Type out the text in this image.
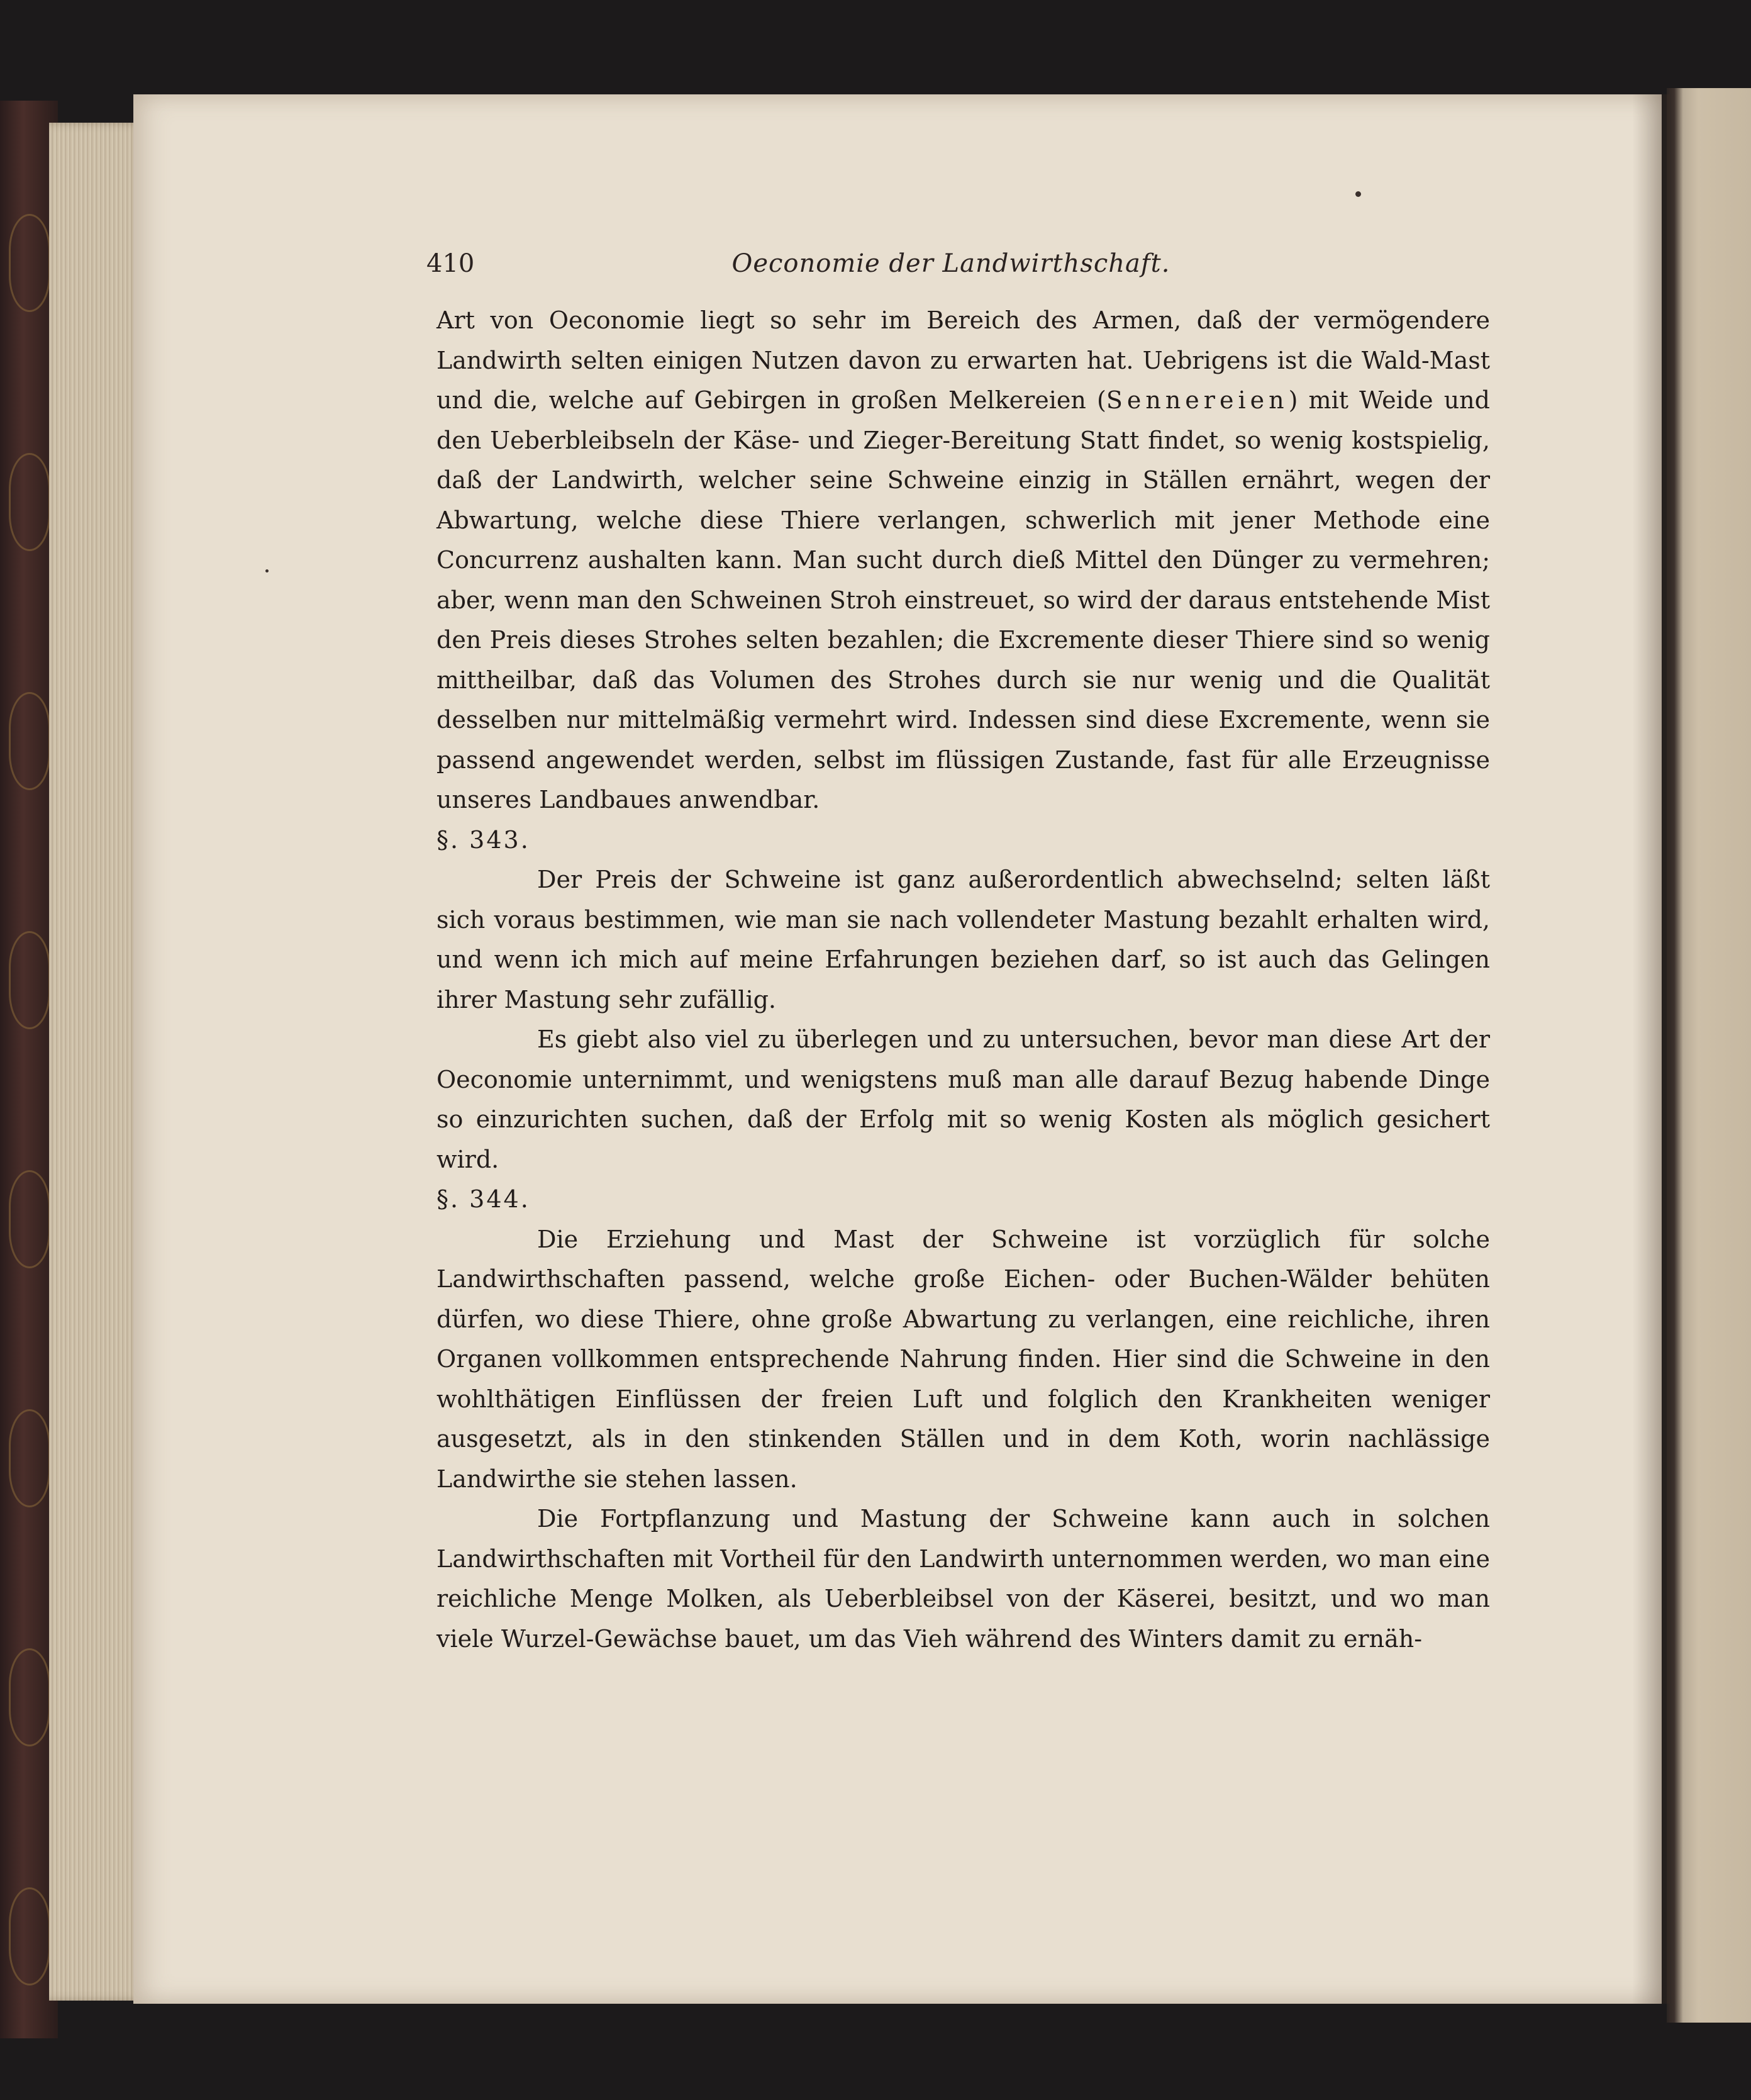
410	Oeconomie der Landwirthschaft.

Art von Oeconomie liegt so sehr im Bereich des Armen, daß der vermögendere Landwirth selten einigen Nutzen davon zu erwarten hat. Uebrigens ist die Wald-Mast und die, welche auf Gebirgen in großen Melkereien (Sennereien) mit Weide und den Ueberbleibseln der Käse- und Zieger-Bereitung Statt findet, so wenig kostspielig, daß der Landwirth, welcher seine Schweine einzig in Ställen ernährt, wegen der Abwartung, welche diese Thiere verlangen, schwerlich mit jener Methode eine Concurrenz aushalten kann. Man sucht durch dieß Mittel den Dünger zu vermehren; aber, wenn man den Schweinen Stroh einstreuet, so wird der daraus entstehende Mist den Preis dieses Strohes selten bezahlen; die Excremente dieser Thiere sind so wenig mittheilbar, daß das Volumen des Strohes durch sie nur wenig und die Qualität desselben nur mittelmäßig vermehrt wird. Indessen sind diese Excremente, wenn sie passend angewendet werden, selbst im flüssigen Zustande, fast für alle Erzeugnisse unseres Landbaues anwendbar.

§. 343.

Der Preis der Schweine ist ganz außerordentlich abwechselnd; selten läßt sich voraus bestimmen, wie man sie nach vollendeter Mastung bezahlt erhalten wird, und wenn ich mich auf meine Erfahrungen beziehen darf, so ist auch das Gelingen ihrer Mastung sehr zufällig.

Es giebt also viel zu überlegen und zu untersuchen, bevor man diese Art der Oeconomie unternimmt, und wenigstens muß man alle darauf Bezug habende Dinge so einzurichten suchen, daß der Erfolg mit so wenig Kosten als möglich gesichert wird.

§. 344.

Die Erziehung und Mast der Schweine ist vorzüglich für solche Landwirthschaften passend, welche große Eichen- oder Buchen-Wälder behüten dürfen, wo diese Thiere, ohne große Abwartung zu verlangen, eine reichliche, ihren Organen vollkommen entsprechende Nahrung finden. Hier sind die Schweine in den wohlthätigen Einflüssen der freien Luft und folglich den Krankheiten weniger ausgesetzt, als in den stinkenden Ställen und in dem Koth, worin nachlässige Landwirthe sie stehen lassen.

Die Fortpflanzung und Mastung der Schweine kann auch in solchen Landwirthschaften mit Vortheil für den Landwirth unternommen werden, wo man eine reichliche Menge Molken, als Ueberbleibsel von der Käserei, besitzt, und wo man viele Wurzel-Gewächse bauet, um das Vieh während des Winters damit zu ernäh-
